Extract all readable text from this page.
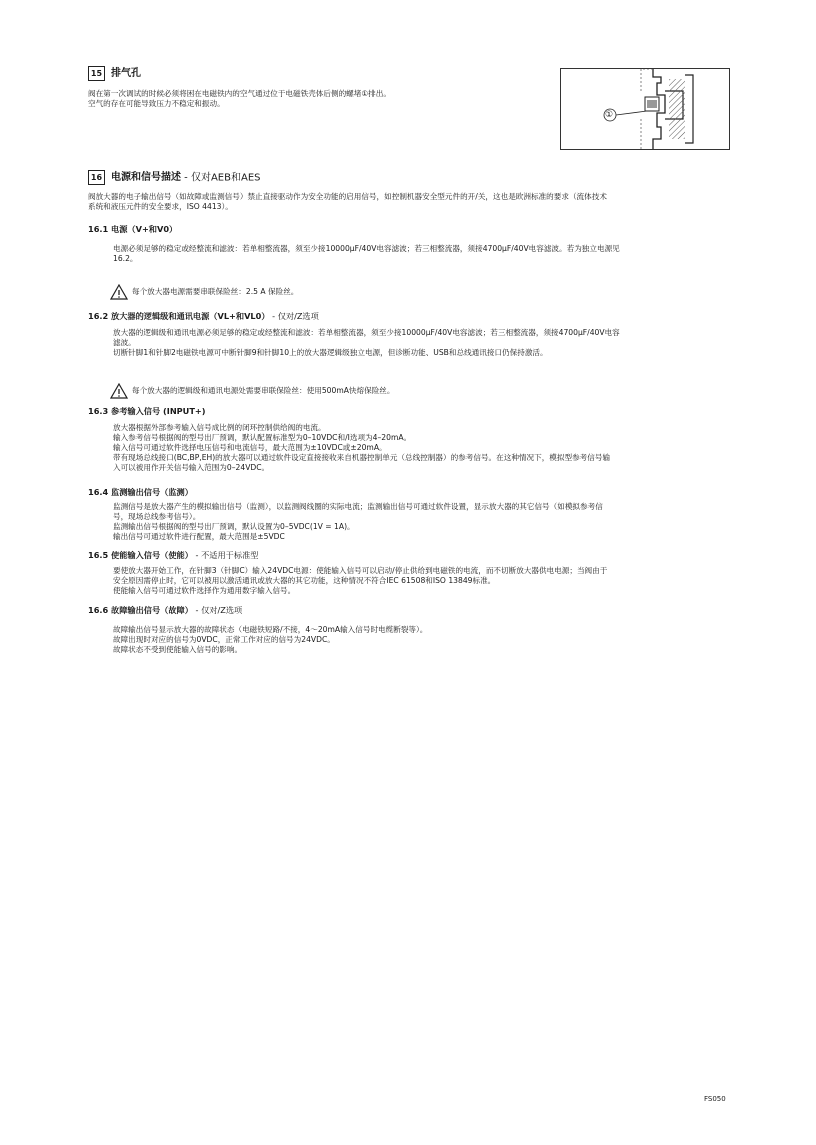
15 排气孔

阀在第一次调试的时候必须将困在电磁铁内的空气通过位于电磁铁壳体后侧的螺堵①排出。

空气的存在可能导致压力不稳定和振动。

①
16 电源和信号描述 - 仅对AEB和AES

阀放大器的电子输出信号（如故障或监测信号）禁止直接驱动作为安全功能的启用信号，如控制机器安全型元件的开/关，这也是欧洲标准的要求（流体技术

系统和液压元件的安全要求，ISO 4413）。

16.1 电源（V+和V0）

电源必须足够的稳定或经整流和滤波：若单相整流器，须至少接10000μF/40V电容滤波；若三相整流器，须接4700μF/40V电容滤波。若为独立电源见

16.2。

每个放大器电源需要串联保险丝：2.5 A 保险丝。
16.2 放大器的逻辑级和通讯电源（VL+和VL0） - 仅对/Z选项

放大器的逻辑级和通讯电源必须足够的稳定或经整流和滤波：若单相整流器，须至少接10000μF/40V电容滤波；若三相整流器，须接4700μF/40V电容

滤波。

切断针脚1和针脚2电磁铁电源可中断针脚9和针脚10上的放大器逻辑级独立电源，但诊断功能、USB和总线通讯接口仍保持激活。

每个放大器的逻辑级和通讯电源处需要串联保险丝：使用500mA快熔保险丝。
16.3 参考输入信号 (INPUT+)

放大器根据外部参考输入信号成比例的闭环控制供给阀的电流。

输入参考信号根据阀的型号出厂预调，默认配置标准型为0–10VDC和/I选项为4–20mA。

输入信号可通过软件选择电压信号和电流信号，最大范围为±10VDC或±20mA。

带有现场总线接口(BC,BP,EH)的放大器可以通过软件设定直接接收来自机器控制单元（总线控制器）的参考信号。在这种情况下，模拟型参考信号输

入可以被用作开关信号输入范围为0–24VDC。

16.4 监测输出信号（监测）

监测信号是放大器产生的模拟输出信号（监测），以监测阀线圈的实际电流；监测输出信号可通过软件设置，显示放大器的其它信号（如模拟参考信

号，现场总线参考信号）。

监测输出信号根据阀的型号出厂预调，默认设置为0–5VDC(1V = 1A)。

输出信号可通过软件进行配置，最大范围是±5VDC

16.5 使能输入信号（使能） - 不适用于标准型

要使放大器开始工作，在针脚3（针脚C）输入24VDC电源：使能输入信号可以启动/停止供给到电磁铁的电流，而不切断放大器供电电源；当阀由于

安全原因需停止时，它可以被用以激活通讯或放大器的其它功能，这种情况不符合IEC 61508和ISO 13849标准。

使能输入信号可通过软件选择作为通用数字输入信号。

16.6 故障输出信号（故障） - 仅对/Z选项

故障输出信号显示放大器的故障状态（电磁铁短路/不接，4～20mA输入信号时电缆断裂等）。

故障出现时对应的信号为0VDC，正常工作对应的信号为24VDC。

故障状态不受到使能输入信号的影响。

FS050
